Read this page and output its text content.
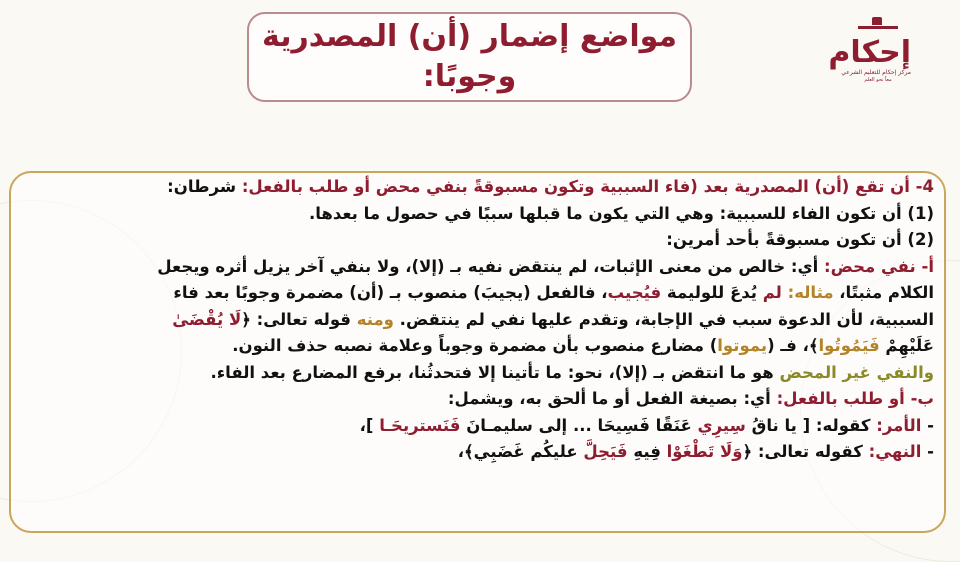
مواضع إضمار (أن) المصدرية
وجوبًا:
إحكام
مركز إحكام للتعليم الشرعي
معاً نحو العلم
4- أن تقع (أن) المصدرية بعد (فاء السببية وتكون مسبوقةً بنفي محض أو طلب بالفعل: شرطان:
(1) أن تكون الفاء للسببية: وهي التي يكون ما قبلها سببًا في حصول ما بعدها.
(2) أن تكون مسبوقةً بأحد أمرين:
أ- نفي محض: أي: خالص من معنى الإثبات، لم ينتقض نفيه بـ (إلا)، ولا بنفي آخر يزيل أثره ويجعل
الكلام مثبتًا، مثاله: لم يُدعَ للوليمة فيُجيب، فالفعل (يجيبَ) منصوب بـ (أن) مضمرة وجوبًا بعد فاء
السببية، لأن الدعوة سبب في الإجابة، وتقدم عليها نفي لم ينتقض. ومنه قوله تعالى: ﴿لَا يُقْضَىٰ
عَلَيْهِمْ فَيَمُوتُوا﴾، فـ (يموتوا) مضارع منصوب بأن مضمرة وجوباً وعلامة نصبه حذف النون.
والنفي غير المحض هو ما انتقض بـ (إلا)، نحو: ما تأتينا إلا فتحدثُنا، برفع المضارع بعد الفاء.
ب- أو طلب بالفعل: أي: بصيغة الفعل أو ما ألحق به، ويشمل:
- الأمر: كقوله: [ يا ناقُ سِيرِي عَنَقًا فَسِيحَا ... إلى سليمـانَ فَنَستريحَـا ]،
- النهي: كقوله تعالى: ﴿وَلَا تَطْغَوْا فِيهِ فَيَحِلَّ عليكُم غَضَبِي﴾،
